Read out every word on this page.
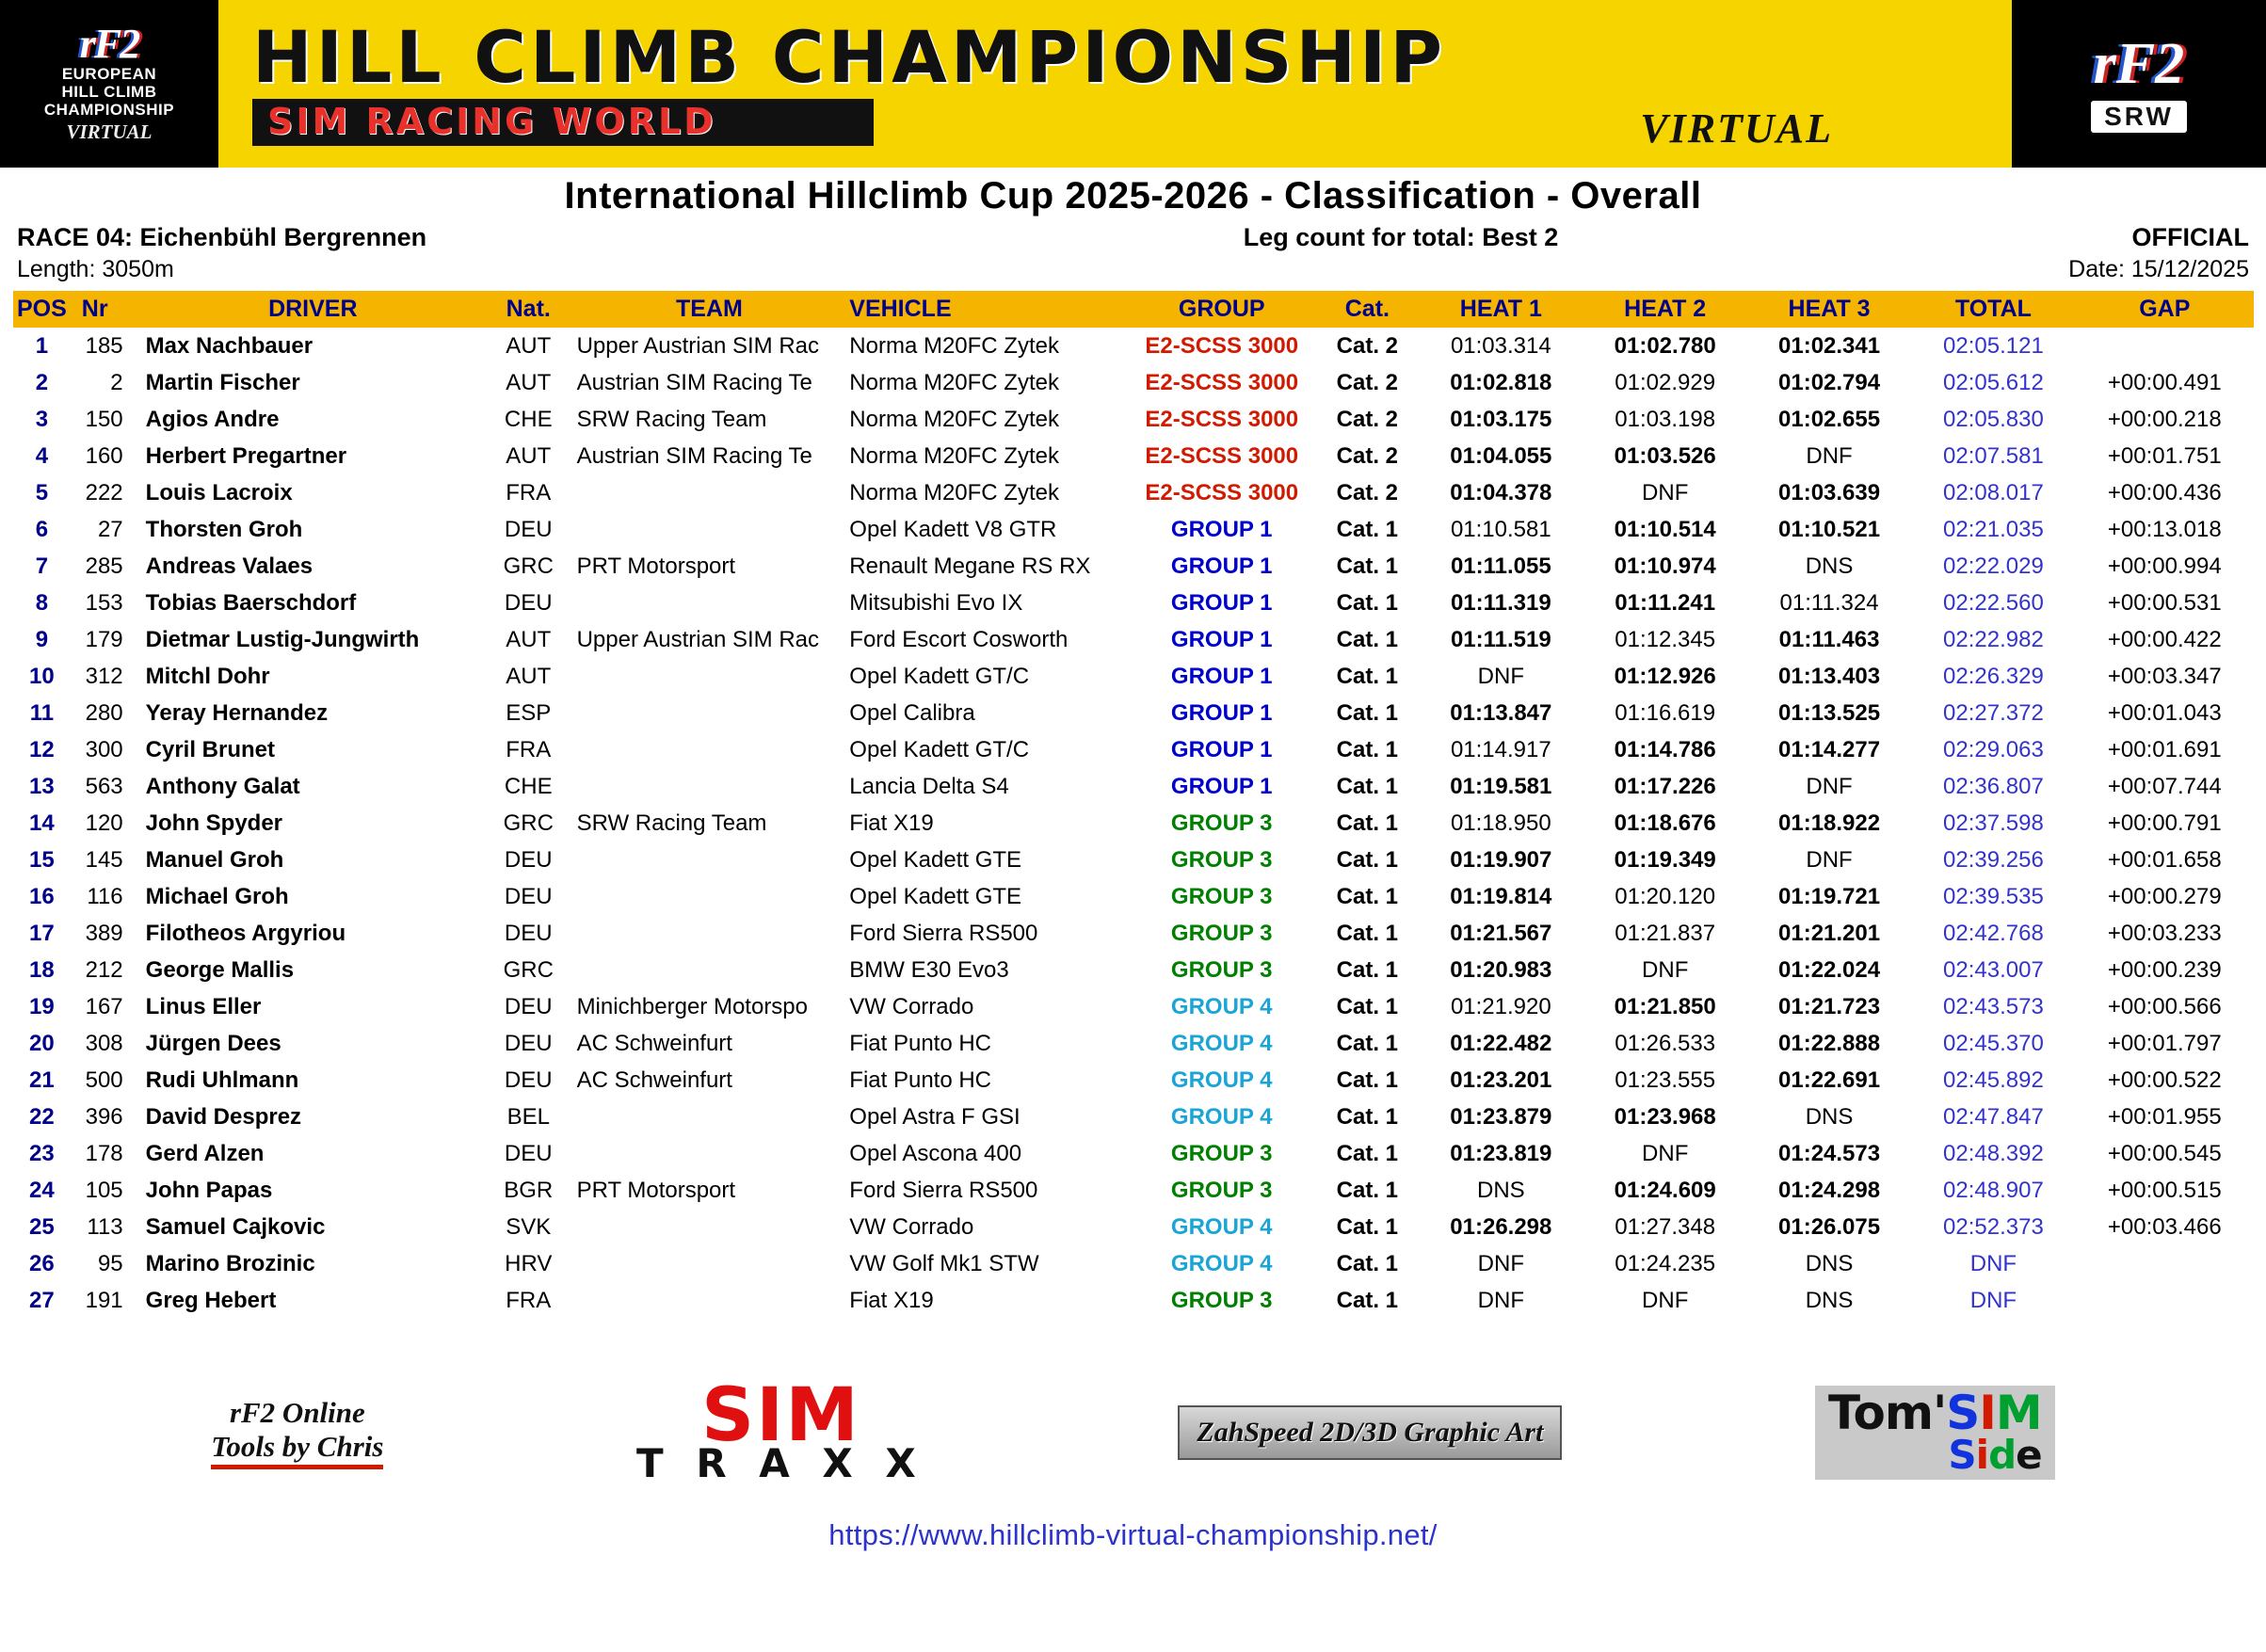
rF2
EUROPEAN
HILL CLIMB
CHAMPIONSHIP
VIRTUAL
HILL CLIMB CHAMPIONSHIP
SIM RACING WORLD	VIRTUAL
rF2
SRW
International Hillclimb Cup 2025-2026 - Classification - Overall
RACE 04: Eichenbühl Bergrennen	Leg count for total: Best 2	OFFICIAL
Length: 3050m	Date: 15/12/2025
POS	Nr	DRIVER	Nat.	TEAM	VEHICLE	GROUP	Cat.	HEAT 1	HEAT 2	HEAT 3	TOTAL	GAP
1	185	Max Nachbauer	AUT	Upper Austrian SIM Rac	Norma M20FC Zytek	E2-SCSS 3000	Cat. 2	01:03.314	01:02.780	01:02.341	02:05.121	
2	2	Martin Fischer	AUT	Austrian SIM Racing Te	Norma M20FC Zytek	E2-SCSS 3000	Cat. 2	01:02.818	01:02.929	01:02.794	02:05.612	+00:00.491
3	150	Agios Andre	CHE	SRW Racing Team	Norma M20FC Zytek	E2-SCSS 3000	Cat. 2	01:03.175	01:03.198	01:02.655	02:05.830	+00:00.218
4	160	Herbert Pregartner	AUT	Austrian SIM Racing Te	Norma M20FC Zytek	E2-SCSS 3000	Cat. 2	01:04.055	01:03.526	DNF	02:07.581	+00:01.751
5	222	Louis Lacroix	FRA		Norma M20FC Zytek	E2-SCSS 3000	Cat. 2	01:04.378	DNF	01:03.639	02:08.017	+00:00.436
6	27	Thorsten Groh	DEU		Opel Kadett V8 GTR	GROUP 1	Cat. 1	01:10.581	01:10.514	01:10.521	02:21.035	+00:13.018
7	285	Andreas Valaes	GRC	PRT Motorsport	Renault Megane RS RX	GROUP 1	Cat. 1	01:11.055	01:10.974	DNS	02:22.029	+00:00.994
8	153	Tobias Baerschdorf	DEU		Mitsubishi Evo IX	GROUP 1	Cat. 1	01:11.319	01:11.241	01:11.324	02:22.560	+00:00.531
9	179	Dietmar Lustig-Jungwirth	AUT	Upper Austrian SIM Rac	Ford Escort Cosworth	GROUP 1	Cat. 1	01:11.519	01:12.345	01:11.463	02:22.982	+00:00.422
10	312	Mitchl Dohr	AUT		Opel Kadett GT/C	GROUP 1	Cat. 1	DNF	01:12.926	01:13.403	02:26.329	+00:03.347
11	280	Yeray Hernandez	ESP		Opel Calibra	GROUP 1	Cat. 1	01:13.847	01:16.619	01:13.525	02:27.372	+00:01.043
12	300	Cyril Brunet	FRA		Opel Kadett GT/C	GROUP 1	Cat. 1	01:14.917	01:14.786	01:14.277	02:29.063	+00:01.691
13	563	Anthony Galat	CHE		Lancia Delta S4	GROUP 1	Cat. 1	01:19.581	01:17.226	DNF	02:36.807	+00:07.744
14	120	John Spyder	GRC	SRW Racing Team	Fiat X19	GROUP 3	Cat. 1	01:18.950	01:18.676	01:18.922	02:37.598	+00:00.791
15	145	Manuel Groh	DEU		Opel Kadett GTE	GROUP 3	Cat. 1	01:19.907	01:19.349	DNF	02:39.256	+00:01.658
16	116	Michael Groh	DEU		Opel Kadett GTE	GROUP 3	Cat. 1	01:19.814	01:20.120	01:19.721	02:39.535	+00:00.279
17	389	Filotheos Argyriou	DEU		Ford Sierra RS500	GROUP 3	Cat. 1	01:21.567	01:21.837	01:21.201	02:42.768	+00:03.233
18	212	George Mallis	GRC		BMW E30 Evo3	GROUP 3	Cat. 1	01:20.983	DNF	01:22.024	02:43.007	+00:00.239
19	167	Linus Eller	DEU	Minichberger Motorspo	VW Corrado	GROUP 4	Cat. 1	01:21.920	01:21.850	01:21.723	02:43.573	+00:00.566
20	308	Jürgen Dees	DEU	AC Schweinfurt	Fiat Punto HC	GROUP 4	Cat. 1	01:22.482	01:26.533	01:22.888	02:45.370	+00:01.797
21	500	Rudi Uhlmann	DEU	AC Schweinfurt	Fiat Punto HC	GROUP 4	Cat. 1	01:23.201	01:23.555	01:22.691	02:45.892	+00:00.522
22	396	David Desprez	BEL		Opel Astra F GSI	GROUP 4	Cat. 1	01:23.879	01:23.968	DNS	02:47.847	+00:01.955
23	178	Gerd Alzen	DEU		Opel Ascona 400	GROUP 3	Cat. 1	01:23.819	DNF	01:24.573	02:48.392	+00:00.545
24	105	John Papas	BGR	PRT Motorsport	Ford Sierra RS500	GROUP 3	Cat. 1	DNS	01:24.609	01:24.298	02:48.907	+00:00.515
25	113	Samuel Cajkovic	SVK		VW Corrado	GROUP 4	Cat. 1	01:26.298	01:27.348	01:26.075	02:52.373	+00:03.466
26	95	Marino Brozinic	HRV		VW Golf Mk1 STW	GROUP 4	Cat. 1	DNF	01:24.235	DNS	DNF	
27	191	Greg Hebert	FRA		Fiat X19	GROUP 3	Cat. 1	DNF	DNF	DNS	DNF	
rF2 Online
Tools by Chris	SIM
T R A X X
ZahSpeed 2D/3D Graphic Art	Tom'SIM
Side
https://www.hillclimb-virtual-championship.net/
